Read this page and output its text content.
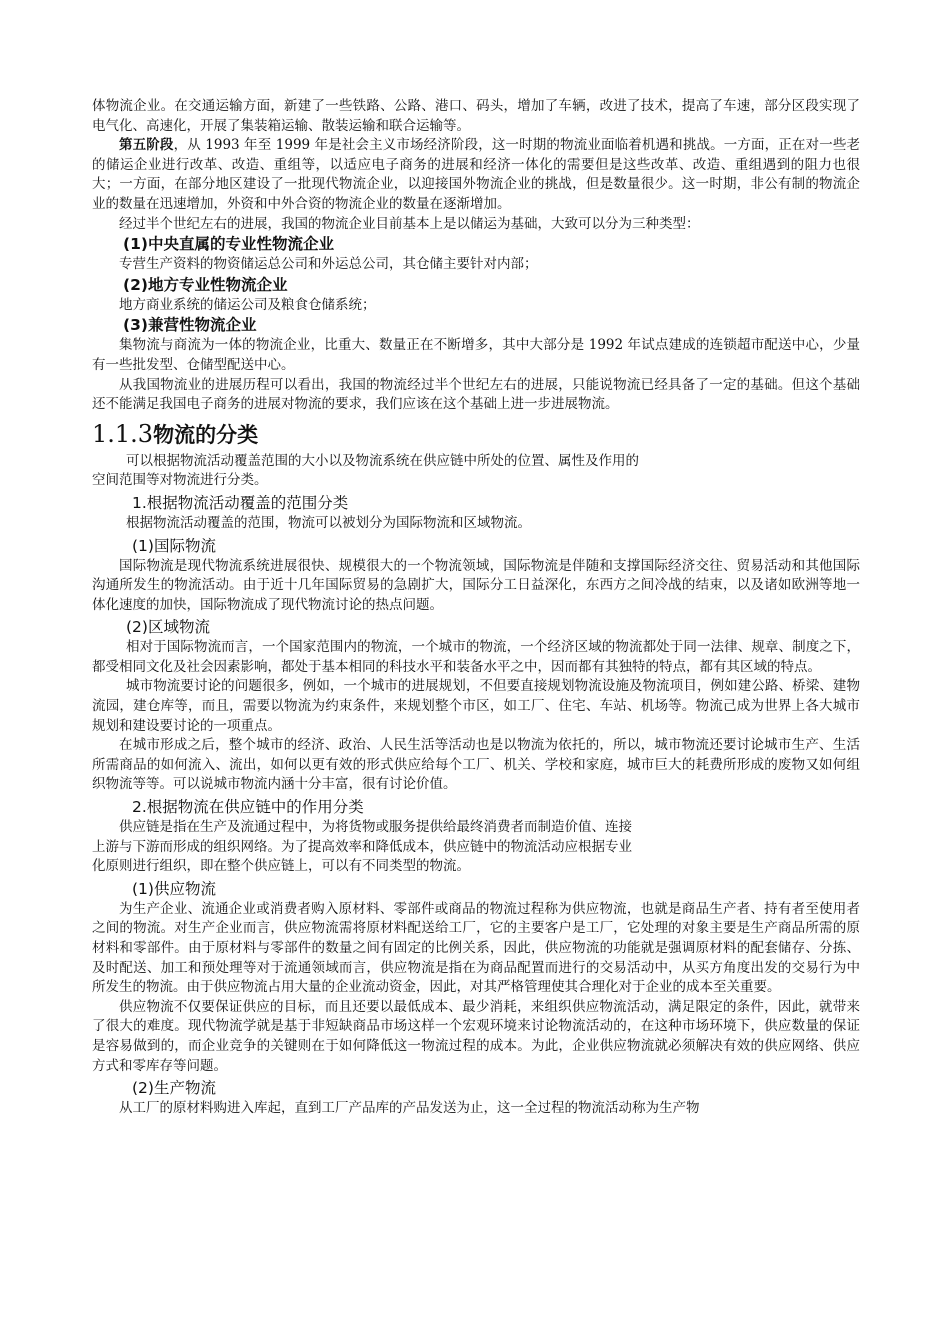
体物流企业。在交通运输方面，新建了一些铁路、公路、港口、码头，增加了车辆，改进了技术，提高了车速，部分区段实现了电气化、高速化，开展了集装箱运输、散装运输和联合运输等。

第五阶段，从 1993 年至 1999 年是社会主义市场经济阶段，这一时期的物流业面临着机遇和挑战。一方面，正在对一些老的储运企业进行改革、改造、重组等，以适应电子商务的进展和经济一体化的需要但是这些改革、改造、重组遇到的阻力也很大；一方面，在部分地区建设了一批现代物流企业，以迎接国外物流企业的挑战，但是数量很少。这一时期，非公有制的物流企业的数量在迅速增加，外资和中外合资的物流企业的数量在逐渐增加。

经过半个世纪左右的进展，我国的物流企业目前基本上是以储运为基础，大致可以分为三种类型：

(1)中央直属的专业性物流企业

专营生产资料的物资储运总公司和外运总公司，其仓储主要针对内部；

(2)地方专业性物流企业

地方商业系统的储运公司及粮食仓储系统；

(3)兼营性物流企业

集物流与商流为一体的物流企业，比重大、数量正在不断增多，其中大部分是 1992 年试点建成的连锁超市配送中心，少量有一些批发型、仓储型配送中心。

从我国物流业的进展历程可以看出，我国的物流经过半个世纪左右的进展，只能说物流已经具备了一定的基础。但这个基础还不能满足我国电子商务的进展对物流的要求，我们应该在这个基础上进一步进展物流。

1.1.3物流的分类

可以根据物流活动覆盖范围的大小以及物流系统在供应链中所处的位置、属性及作用的

空间范围等对物流进行分类。

1.根据物流活动覆盖的范围分类

根据物流活动覆盖的范围，物流可以被划分为国际物流和区域物流。

(1)国际物流

国际物流是现代物流系统进展很快、规模很大的一个物流领域，国际物流是伴随和支撑国际经济交往、贸易活动和其他国际沟通所发生的物流活动。由于近十几年国际贸易的急剧扩大，国际分工日益深化，东西方之间冷战的结束，以及诸如欧洲等地一体化速度的加快，国际物流成了现代物流讨论的热点问题。

(2)区域物流

相对于国际物流而言，一个国家范围内的物流，一个城市的物流，一个经济区域的物流都处于同一法律、规章、制度之下，都受相同文化及社会因素影响，都处于基本相同的科技水平和装备水平之中，因而都有其独特的特点，都有其区域的特点。

城市物流要讨论的问题很多，例如，一个城市的进展规划，不但要直接规划物流设施及物流项目，例如建公路、桥梁、建物流园，建仓库等，而且，需要以物流为约束条件，来规划整个市区，如工厂、住宅、车站、机场等。物流己成为世界上各大城市规划和建设要讨论的一项重点。

在城市形成之后，整个城市的经济、政治、人民生活等活动也是以物流为依托的，所以，城市物流还要讨论城市生产、生活所需商品的如何流入、流出，如何以更有效的形式供应给每个工厂、机关、学校和家庭，城市巨大的耗费所形成的废物又如何组织物流等等。可以说城市物流内涵十分丰富，很有讨论价值。

2.根据物流在供应链中的作用分类

供应链是指在生产及流通过程中，为将货物或服务提供给最终消费者而制造价值、连接

上游与下游而形成的组织网络。为了提高效率和降低成本，供应链中的物流活动应根据专业

化原则进行组织，即在整个供应链上，可以有不同类型的物流。

(1)供应物流

为生产企业、流通企业或消费者购入原材料、零部件或商品的物流过程称为供应物流，也就是商品生产者、持有者至使用者之间的物流。对生产企业而言，供应物流需将原材料配送给工厂，它的主要客户是工厂，它处理的对象主要是生产商品所需的原材料和零部件。由于原材料与零部件的数量之间有固定的比例关系，因此，供应物流的功能就是强调原材料的配套储存、分拣、及时配送、加工和预处理等对于流通领域而言，供应物流是指在为商品配置而进行的交易活动中，从买方角度出发的交易行为中所发生的物流。由于供应物流占用大量的企业流动资金，因此，对其严格管理使其合理化对于企业的成本至关重要。

供应物流不仅要保证供应的目标，而且还要以最低成本、最少消耗，来组织供应物流活动，满足限定的条件，因此，就带来了很大的难度。现代物流学就是基于非短缺商品市场这样一个宏观环境来讨论物流活动的，在这种市场环境下，供应数量的保证是容易做到的，而企业竞争的关键则在于如何降低这一物流过程的成本。为此，企业供应物流就必须解决有效的供应网络、供应方式和零库存等问题。

(2)生产物流

从工厂的原材料购进入库起，直到工厂产品库的产品发送为止，这一全过程的物流活动称为生产物
